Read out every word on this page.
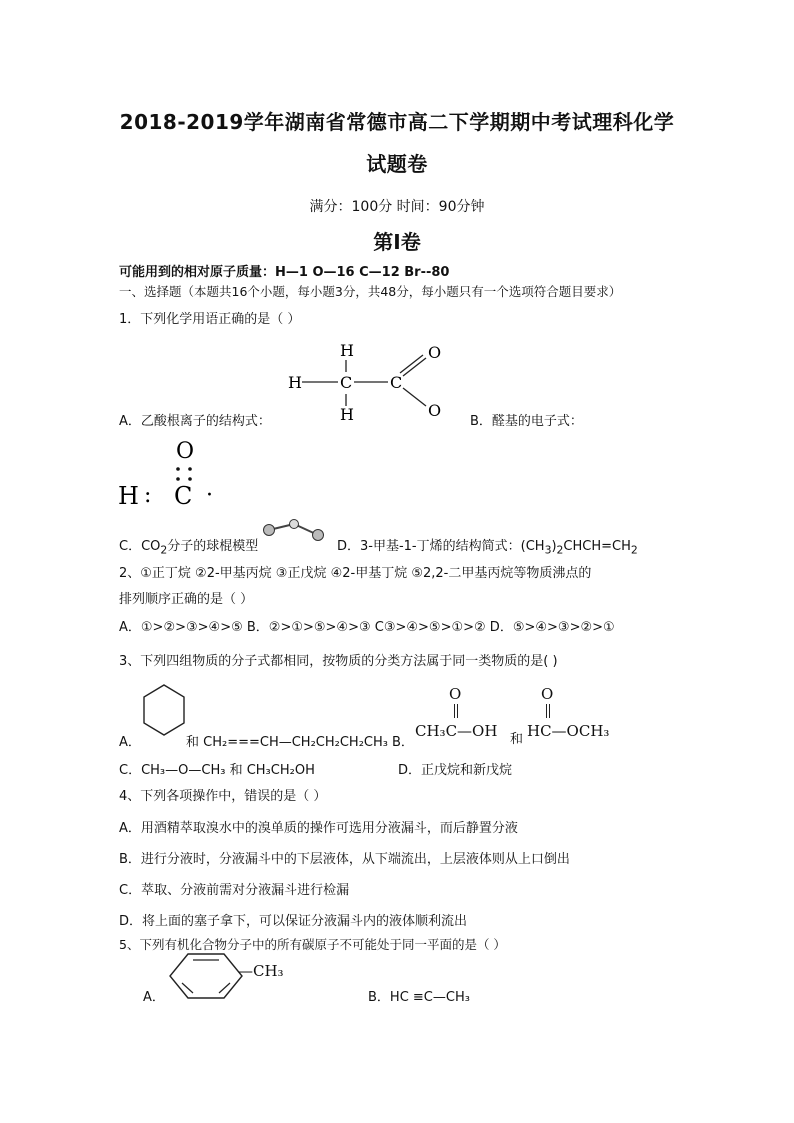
2018-2019学年湖南省常德市高二下学期期中考试理科化学
试题卷
满分：100分 时间：90分钟
第Ⅰ卷
可能用到的相对原子质量：H—1 O—16 C—12 Br--80
一、选择题（本题共16个小题，每小题3分，共48分，每小题只有一个选项符合题目要求）
1．下列化学用语正确的是（ ）
H
H C C
H
O
O
A．乙酸根离子的结构式：	B．醛基的电子式：
O
H : C ·
C．$CO_2$分子的球棍模型	D．3-甲基-1-丁烯的结构简式：$(CH_3)_2CHCH=CH_2$
2、①正丁烷 ②2-甲基丙烷 ③正戊烷 ④2-甲基丁烷 ⑤2,2-二甲基丙烷等物质沸点的
排列顺序正确的是（ ）
A．①>②>③>④>⑤ B．②>①>⑤>④>③ C③>④>⑤>①>② D．⑤>④>③>②>①
3、下列四组物质的分子式都相同，按物质的分类方法属于同一类物质的是( )
A．	和 CH₂===CH—CH₂CH₂CH₂CH₃ B．
O
CH₃C—OH 和
O
HC—OCH₃
C．CH₃—O—CH₃ 和 CH₃CH₂OH	D．正戊烷和新戊烷
4、下列各项操作中，错误的是（ ）
A．用酒精萃取溴水中的溴单质的操作可选用分液漏斗，而后静置分液
B．进行分液时，分液漏斗中的下层液体，从下端流出，上层液体则从上口倒出
C．萃取、分液前需对分液漏斗进行检漏
D．将上面的塞子拿下，可以保证分液漏斗内的液体顺利流出
5、下列有机化合物分子中的所有碳原子不可能处于同一平面的是（ ）
A．
—CH₃
B．HC ≡C—CH₃
